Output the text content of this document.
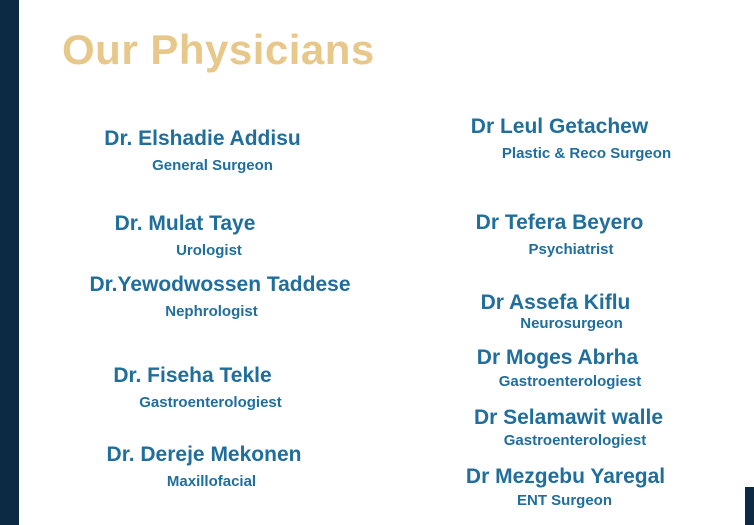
Our Physicians
Dr. Elshadie Addisu
General Surgeon
Dr. Mulat Taye
Urologist
Dr.Yewodwossen Taddese
Nephrologist
Dr. Fiseha Tekle
Gastroenterologiest
Dr. Dereje Mekonen
Maxillofacial
Dr Leul Getachew
Plastic & Reco Surgeon
Dr Tefera Beyero
Psychiatrist
Dr Assefa Kiflu
Neurosurgeon
Dr Moges Abrha
Gastroenterologiest
Dr Selamawit walle
Gastroenterologiest
Dr Mezgebu Yaregal
ENT Surgeon
